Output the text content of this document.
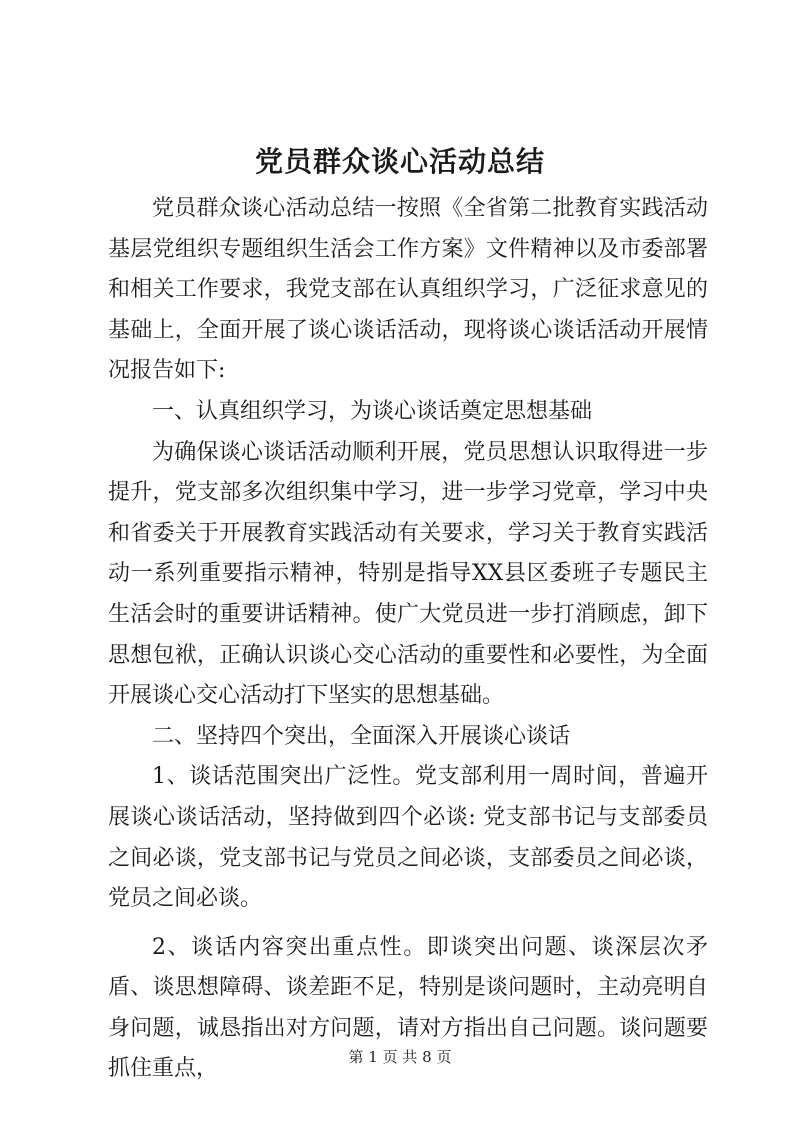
党员群众谈心活动总结

党员群众谈心活动总结一按照《全省第二批教育实践活动基层党组织专题组织生活会工作方案》文件精神以及市委部署和相关工作要求，我党支部在认真组织学习，广泛征求意见的基础上，全面开展了谈心谈话活动，现将谈心谈话活动开展情况报告如下:

一、认真组织学习，为谈心谈话奠定思想基础

为确保谈心谈话活动顺利开展，党员思想认识取得进一步提升，党支部多次组织集中学习，进一步学习党章，学习中央和省委关于开展教育实践活动有关要求，学习关于教育实践活动一系列重要指示精神，特别是指导XX县区委班子专题民主生活会时的重要讲话精神。使广大党员进一步打消顾虑，卸下思想包袱，正确认识谈心交心活动的重要性和必要性，为全面开展谈心交心活动打下坚实的思想基础。

二、坚持四个突出，全面深入开展谈心谈话

1、谈话范围突出广泛性。党支部利用一周时间，普遍开展谈心谈话活动，坚持做到四个必谈: 党支部书记与支部委员之间必谈，党支部书记与党员之间必谈，支部委员之间必谈，党员之间必谈。

2、谈话内容突出重点性。即谈突出问题、谈深层次矛盾、谈思想障碍、谈差距不足，特别是谈问题时，主动亮明自身问题，诚恳指出对方问题，请对方指出自己问题。谈问题要抓住重点，	第 1 页 共 8 页
